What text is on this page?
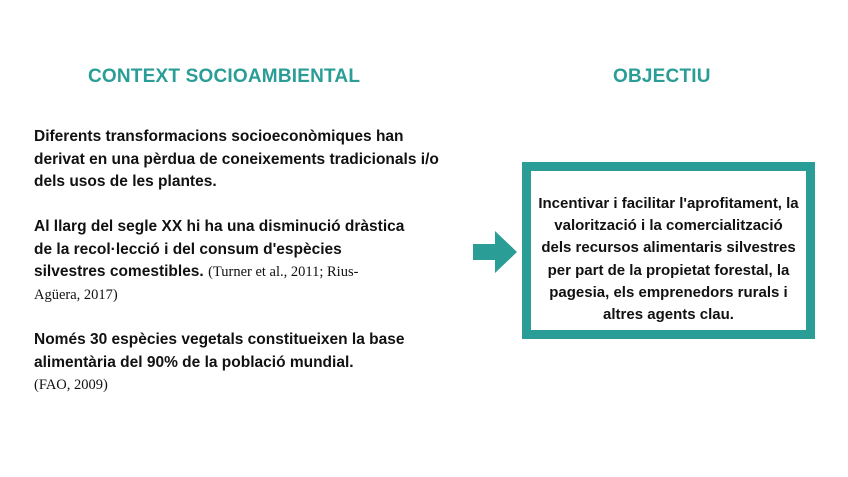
CONTEXT SOCIOAMBIENTAL	OBJECTIU

Diferents transformacions socioeconòmiques han
derivat en una pèrdua de coneixements tradicionals i/o
dels usos de les plantes.

Al llarg del segle XX hi ha una disminució dràstica
de la recol·lecció i del consum d'espècies
silvestres comestibles. (Turner et al., 2011; Rius-
Agüera, 2017)

Només 30 espècies vegetals constitueixen la base
alimentària del 90% de la població mundial.
(FAO, 2009)

Incentivar i facilitar l'aprofitament, la
valorització i la comercialització
dels recursos alimentaris silvestres
per part de la propietat forestal, la
pagesia, els emprenedors rurals i
altres agents clau.
